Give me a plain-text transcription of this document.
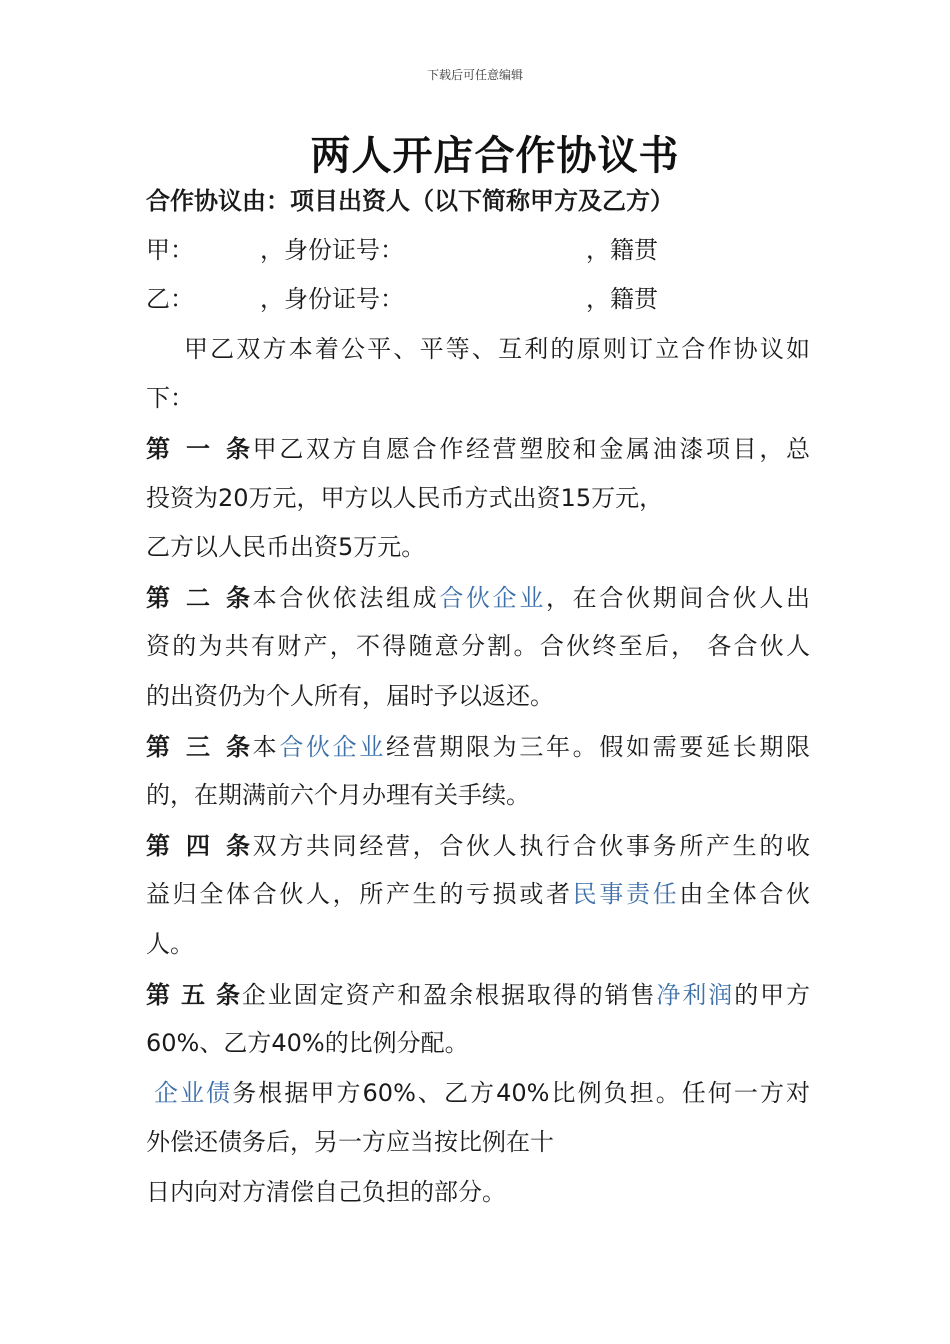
下载后可任意编辑
两人开店合作协议书
合作协议由：项目出资人（以下简称甲方及乙方）
甲：	，身份证号：	，籍贯
乙：	，身份证号：	，籍贯
甲乙双方本着公平、平等、互利的原则订立合作协议如
下：
第一条甲乙双方自愿合作经营塑胶和金属油漆项目，总
投资为20万元，甲方以人民币方式出资15万元，
乙方以人民币出资5万元。
第二条本合伙依法组成合伙企业，在合伙期间合伙人出
资的为共有财产，不得随意分割。合伙终至后， 各合伙人
的出资仍为个人所有，届时予以返还。
第三条本合伙企业经营期限为三年。假如需要延长期限
的，在期满前六个月办理有关手续。
第四条双方共同经营，合伙人执行合伙事务所产生的收
益归全体合伙人，所产生的亏损或者民事责任由全体合伙
人。
第五条企业固定资产和盈余根据取得的销售净利润的甲方
60%、乙方40%的比例分配。
企业债务根据甲方60%、乙方40%比例负担。任何一方对
外偿还债务后，另一方应当按比例在十
日内向对方清偿自己负担的部分。
